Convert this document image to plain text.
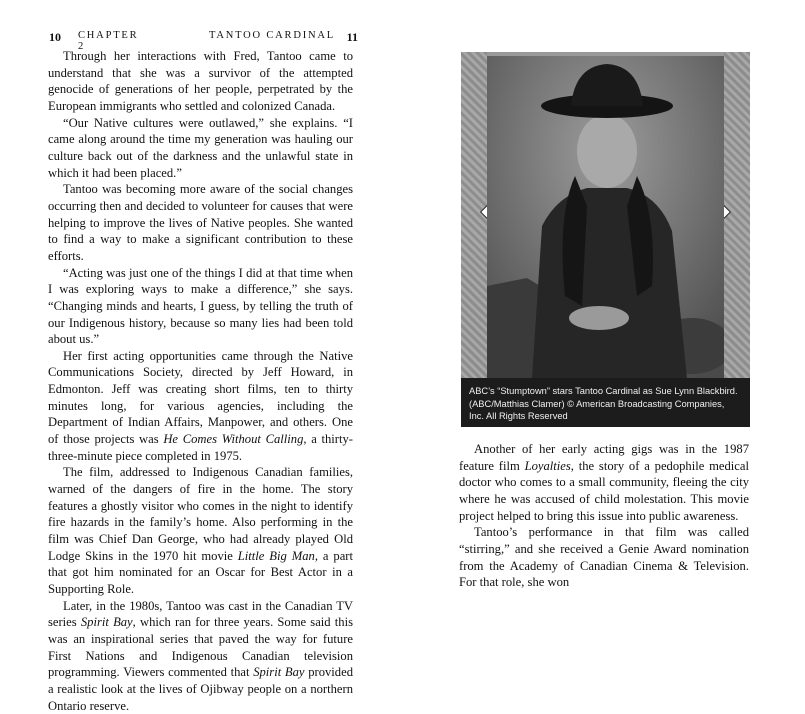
10 CHAPTER 2

Through her interactions with Fred, Tantoo came to understand that she was a survivor of the attempted genocide of generations of her people, perpetrated by the European immigrants who settled and colonized Canada.

“Our Native cultures were outlawed,” she explains. “I came along around the time my generation was hauling our culture back out of the darkness and the unlawful state in which it had been placed.”

Tantoo was becoming more aware of the social changes occurring then and decided to volunteer for causes that were helping to improve the lives of Native peoples. She wanted to find a way to make a significant contribution to these efforts.

“Acting was just one of the things I did at that time when I was exploring ways to make a difference,” she says. “Changing minds and hearts, I guess, by telling the truth of our Indigenous history, because so many lies had been told about us.”

Her first acting opportunities came through the Native Communications Society, directed by Jeff Howard, in Edmonton. Jeff was creating short films, ten to thirty minutes long, for various agencies, including the Department of Indian Affairs, Manpower, and others. One of those projects was He Comes Without Calling, a thirty-three-minute piece completed in 1975.

The film, addressed to Indigenous Canadian families, warned of the dangers of fire in the home. The story features a ghostly visitor who comes in the night to identify fire hazards in the family’s home. Also performing in the film was Chief Dan George, who had already played Old Lodge Skins in the 1970 hit movie Little Big Man, a part that got him nominated for an Oscar for Best Actor in a Supporting Role.

Later, in the 1980s, Tantoo was cast in the Canadian TV series Spirit Bay, which ran for three years. Some said this was an inspirational series that paved the way for future First Nations and Indigenous Canadian television programming. Viewers commented that Spirit Bay provided a realistic look at the lives of Ojibway people on a northern Ontario reserve.

TANTOO CARDINAL 11
ABC’s “Stumptown” stars Tantoo Cardinal as Sue Lynn Blackbird. (ABC/Matthias Clamer) © American Broadcasting Companies, Inc. All Rights Reserved

Another of her early acting gigs was in the 1987 feature film Loyalties, the story of a pedophile medical doctor who comes to a small community, fleeing the city where he was accused of child molestation. This movie project helped to bring this issue into public awareness.

Tantoo’s performance in that film was called “stirring,” and she received a Genie Award nomination from the Academy of Canadian Cinema & Television. For that role, she won
